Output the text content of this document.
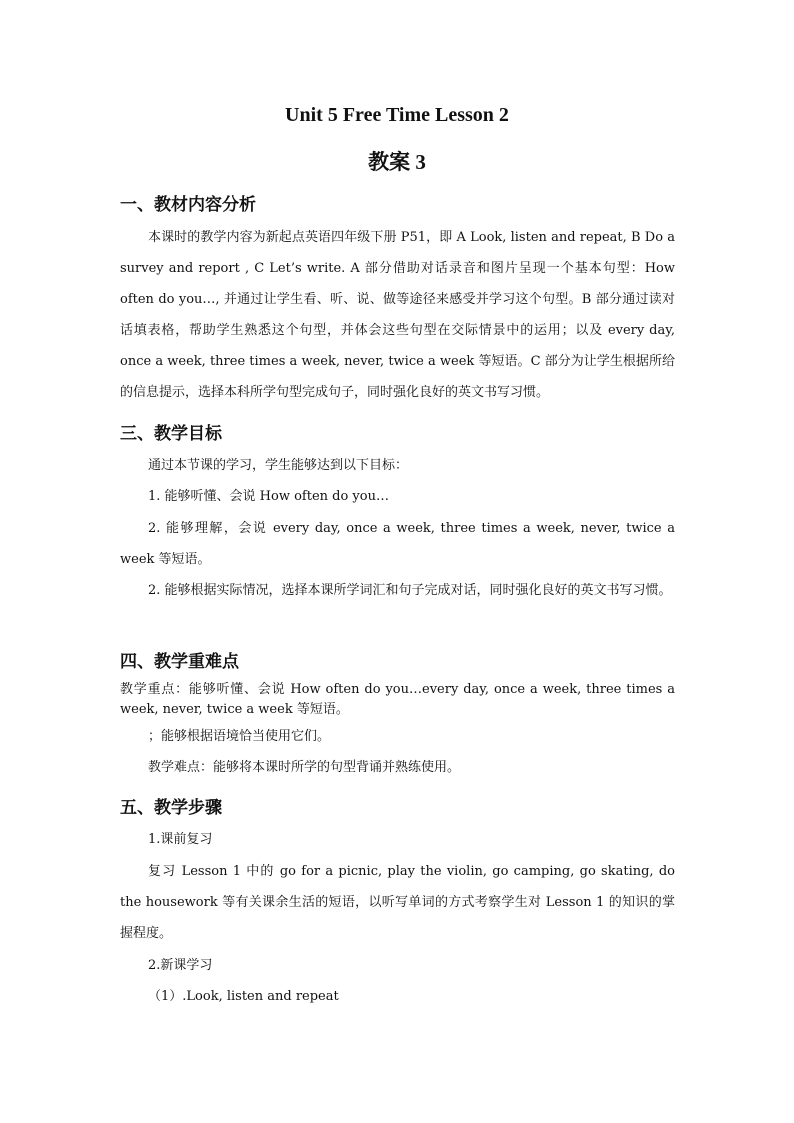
Unit 5 Free Time Lesson 2
教案 3
一、教材内容分析

本课时的教学内容为新起点英语四年级下册 P51，即 A Look, listen and repeat, B Do a survey and report , C Let’s write. A 部分借助对话录音和图片呈现一个基本句型：How often do you…, 并通过让学生看、听、说、做等途径来感受并学习这个句型。B 部分通过读对话填表格，帮助学生熟悉这个句型，并体会这些句型在交际情景中的运用；以及 every day, once a week, three times a week, never, twice a week 等短语。C 部分为让学生根据所给的信息提示，选择本科所学句型完成句子，同时强化良好的英文书写习惯。

三、教学目标

通过本节课的学习，学生能够达到以下目标：

1. 能够听懂、会说 How often do you…

2. 能够理解，会说 every day, once a week, three times a week, never, twice a week 等短语。

2. 能够根据实际情况，选择本课所学词汇和句子完成对话，同时强化良好的英文书写习惯。

四、教学重难点

教学重点：能够听懂、会说 How often do you…every day, once a week, three times a week, never, twice a week 等短语。

；能够根据语境恰当使用它们。

教学难点：能够将本课时所学的句型背诵并熟练使用。

五、教学步骤

1.课前复习

复习 Lesson 1 中的 go for a picnic, play the violin, go camping, go skating, do the housework 等有关课余生活的短语，以听写单词的方式考察学生对 Lesson 1 的知识的掌握程度。

2.新课学习

（1）.Look, listen and repeat
